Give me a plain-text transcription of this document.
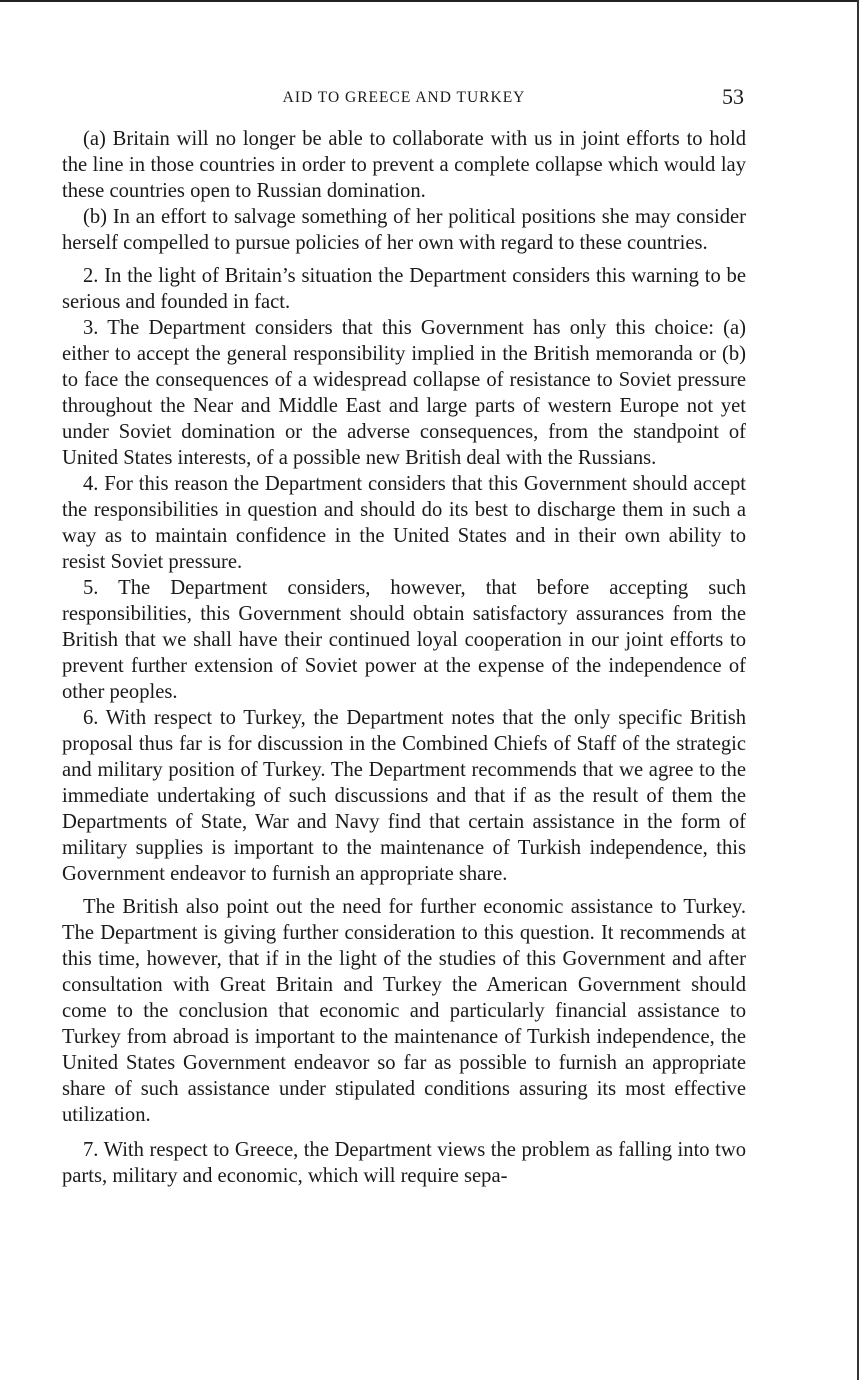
AID TO GREECE AND TURKEY	53

(a) Britain will no longer be able to collaborate with us in joint efforts to hold the line in those countries in order to prevent a complete collapse which would lay these countries open to Russian domination.

(b) In an effort to salvage something of her political positions she may consider herself compelled to pursue policies of her own with regard to these countries.

2. In the light of Britain’s situation the Department considers this warning to be serious and founded in fact.

3. The Department considers that this Government has only this choice: (a) either to accept the general responsibility implied in the British memoranda or (b) to face the consequences of a widespread collapse of resistance to Soviet pressure throughout the Near and Middle East and large parts of western Europe not yet under Soviet domination or the adverse consequences, from the standpoint of United States interests, of a possible new British deal with the Russians.

4. For this reason the Department considers that this Government should accept the responsibilities in question and should do its best to discharge them in such a way as to maintain confidence in the United States and in their own ability to resist Soviet pressure.

5. The Department considers, however, that before accepting such responsibilities, this Government should obtain satisfactory assurances from the British that we shall have their continued loyal cooperation in our joint efforts to prevent further extension of Soviet power at the expense of the independence of other peoples.

6. With respect to Turkey, the Department notes that the only specific British proposal thus far is for discussion in the Combined Chiefs of Staff of the strategic and military position of Turkey. The Department recommends that we agree to the immediate undertaking of such discussions and that if as the result of them the Departments of State, War and Navy find that certain assistance in the form of military supplies is important to the maintenance of Turkish independence, this Government endeavor to furnish an appropriate share.

The British also point out the need for further economic assistance to Turkey. The Department is giving further consideration to this question. It recommends at this time, however, that if in the light of the studies of this Government and after consultation with Great Britain and Turkey the American Government should come to the conclusion that economic and particularly financial assistance to Turkey from abroad is important to the maintenance of Turkish independence, the United States Government endeavor so far as possible to furnish an appropriate share of such assistance under stipulated conditions assuring its most effective utilization.

7. With respect to Greece, the Department views the problem as falling into two parts, military and economic, which will require sepa-
